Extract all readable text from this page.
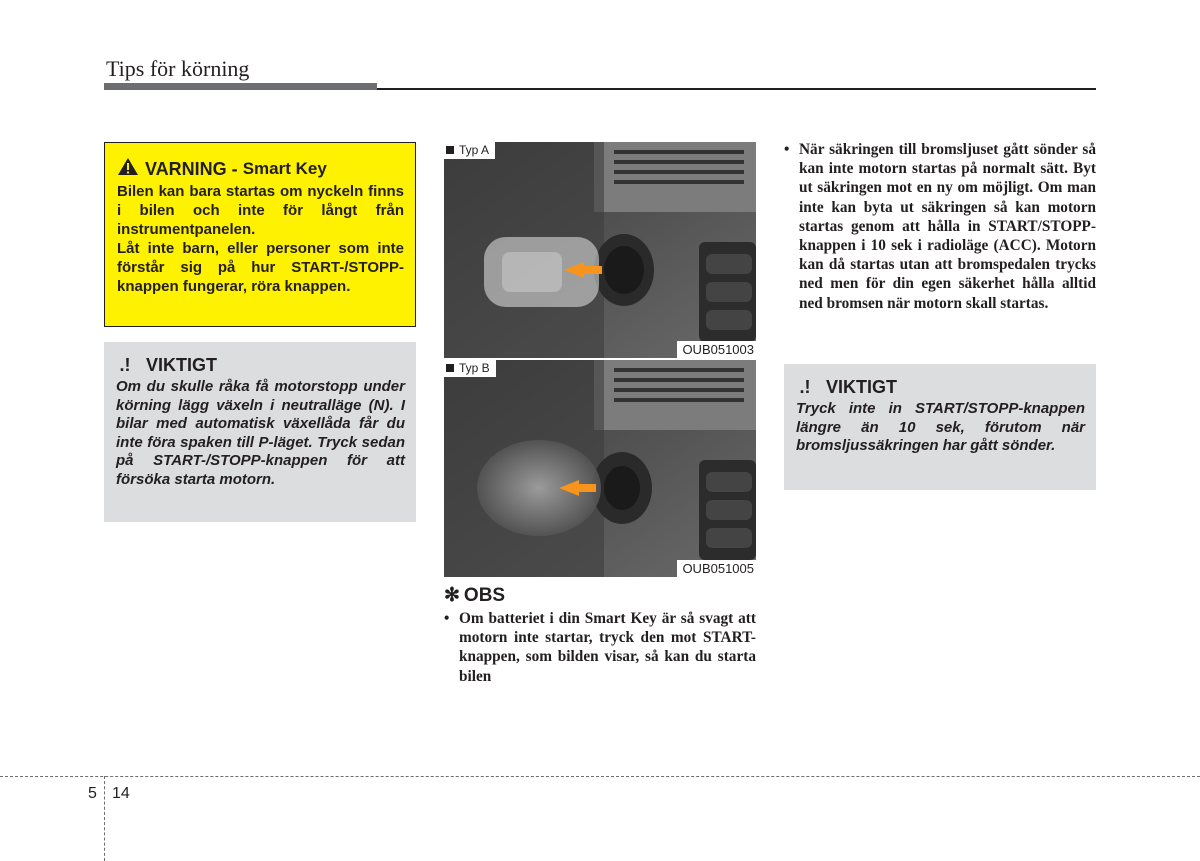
Tips för körning
VARNING -
Smart Key

Bilen kan bara startas om nyckeln finns i bilen och inte för långt från instrumentpanelen.

Låt inte barn, eller personer som inte förstår sig på hur START-/STOPP-knappen fungerar, röra knappen.

.! VIKTIGT
Om du skulle råka få motorstopp under körning lägg växeln i neutralläge (N). I bilar med automatisk växellåda får du inte föra spaken till P-läget. Tryck sedan på START-/STOPP-knappen för att försöka starta motorn.
Typ A
OUB051003
Typ B
OUB051005
✻ OBS
• Om batteriet i din Smart Key är så svagt att motorn inte startar, tryck den mot START-knappen, som bilden visar, så kan du starta bilen
• När säkringen till bromsljuset gått sönder så kan inte motorn startas på normalt sätt. Byt ut säkringen mot en ny om möjligt. Om man inte kan byta ut säkringen så kan motorn startas genom att hålla in START/STOPP-knappen i 10 sek i radioläge (ACC). Motorn kan då startas utan att bromspedalen trycks ned men för din egen säkerhet hålla alltid ned bromsen när motorn skall startas.
.! VIKTIGT
Tryck inte in START/STOPP-knappen längre än 10 sek, förutom när bromsljussäkringen har gått sönder.
5 14
